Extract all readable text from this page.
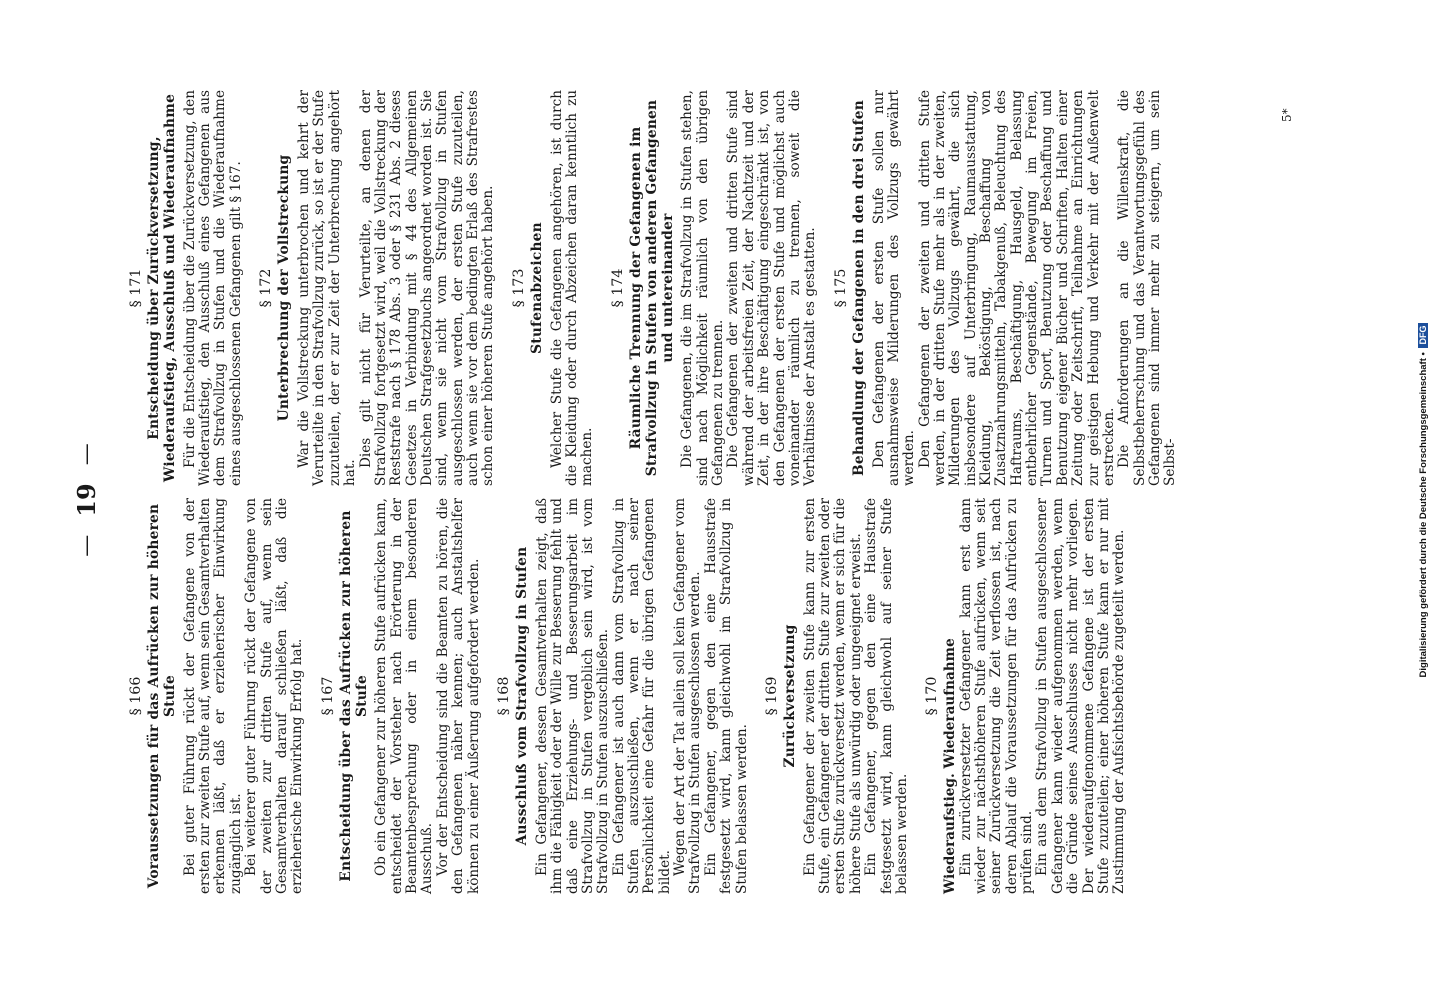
—
19
—

§ 166 Voraussetzungen für das Aufrücken zur höheren Stufe Bei guter Führung rückt der Gefangene von der ersten zur zweiten Stufe auf, wenn sein Gesamtverhalten erkennen läßt, daß er erzieherischer Einwirkung zugänglich ist. Bei weiterer guter Führung rückt der Gefangene von der zweiten zur dritten Stufe auf, wenn sein Gesamtverhalten darauf schließen läßt, daß die erzieherische Einwirkung Erfolg hat. § 167 Entscheidung über das Aufrücken zur höheren Stufe Ob ein Gefangener zur höheren Stufe aufrücken kann, entscheidet der Vorsteher nach Erörterung in der Beamtenbesprechung oder in einem besonderen Ausschuß. Vor der Entscheidung sind die Beamten zu hören, die den Gefangenen näher kennen; auch Anstaltshelfer können zu einer Äußerung aufgefordert werden. § 168 Ausschluß vom Strafvollzug in Stufen Ein Gefangener, dessen Gesamtverhalten zeigt, daß ihm die Fähigkeit oder der Wille zur Besserung fehlt und daß eine Erziehungs- und Besserungsarbeit im Strafvollzug in Stufen vergeblich sein wird, ist vom Strafvollzug in Stufen auszuschließen. Ein Gefangener ist auch dann vom Strafvollzug in Stufen auszuschließen, wenn er nach seiner Persönlichkeit eine Gefahr für die übrigen Gefangenen bildet. Wegen der Art der Tat allein soll kein Gefangener vom Strafvollzug in Stufen ausgeschlossen werden. Ein Gefangener, gegen den eine Hausstrafe festgesetzt wird, kann gleichwohl im Strafvollzug in Stufen belassen werden.

§ 169 Zurückversetzung Ein Gefangener der zweiten Stufe kann zur ersten Stufe, ein Gefangener der dritten Stufe zur zweiten oder ersten Stufe zurückversetzt werden, wenn er sich für die höhere Stufe als unwürdig oder ungeeignet erweist. Ein Gefangener, gegen den eine Hausstrafe festgesetzt wird, kann gleichwohl auf seiner Stufe belassen werden.

§ 170 Wiederaufstieg. Wiederaufnahme Ein zurückversetzter Gefangener kann erst dann wieder zur nächsthöheren Stufe aufrücken, wenn seit seiner Zurückversetzung die Zeit verflossen ist, nach deren Ablauf die Voraussetzungen für das Aufrücken zu prüfen sind. Ein aus dem Strafvollzug in Stufen ausgeschlossener Gefangener kann wieder aufgenommen werden, wenn die Gründe seines Ausschlusses nicht mehr vorliegen. Der wiederaufgenommene Gefangene ist der ersten Stufe zuzuteilen; einer höheren Stufe kann er nur mit Zustimmung der Aufsichtsbehörde zugeteilt werden.

§ 171 Entscheidung über Zurückversetzung, Wiederaufstieg, Ausschluß und Wiederaufnahme Für die Entscheidung über die Zurückversetzung, den Wiederaufstieg, den Ausschluß eines Gefangenen aus dem Strafvollzug in Stufen und die Wiederaufnahme eines ausgeschlossenen Gefangenen gilt § 167. § 172 Unterbrechung der Vollstreckung War die Vollstreckung unterbrochen und kehrt der Verurteilte in den Strafvollzug zurück, so ist er der Stufe zuzuteilen, der er zur Zeit der Unterbrechung angehört hat.

Dies gilt nicht für Verurteilte, an denen der Strafvollzug fortgesetzt wird, weil die Vollstreckung der Reststrafe nach § 178 Abs. 3 oder § 231 Abs. 2 dieses Gesetzes in Verbindung mit § 44 des Allgemeinen Deutschen Strafgesetzbuchs angeordnet worden ist. Sie sind, wenn sie nicht vom Strafvollzug in Stufen ausgeschlossen werden, der ersten Stufe zuzuteilen, auch wenn sie vor dem bedingten Erlaß des Strafrestes schon einer höheren Stufe angehört haben. § 173 Stufenabzeichen Welcher Stufe die Gefangenen angehören, ist durch die Kleidung oder durch Abzeichen daran kenntlich zu machen.

§ 174 Räumliche Trennung der Gefangenen im Strafvollzug in Stufen von anderen Gefangenen und untereinander Die Gefangenen, die im Strafvollzug in Stufen stehen, sind nach Möglichkeit räumlich von den übrigen Gefangenen zu trennen. Die Gefangenen der zweiten und dritten Stufe sind während der arbeitsfreien Zeit, der Nachtzeit und der Zeit, in der ihre Beschäftigung eingeschränkt ist, von den Gefangenen der ersten Stufe und möglichst auch voneinander räumlich zu trennen, soweit die Verhältnisse der Anstalt es gestatten. § 175 Behandlung der Gefangenen in den drei Stufen Den Gefangenen der ersten Stufe sollen nur ausnahmsweise Milderungen des Vollzugs gewährt werden. Den Gefangenen der zweiten und dritten Stufe werden, in der dritten Stufe mehr als in der zweiten, Milderungen des Vollzugs gewährt, die sich insbesondere auf Unterbringung, Raumausstattung, Kleidung, Beköstigung, Beschaffung von Zusatznahrungsmitteln, Tabakgenuß, Beleuchtung des Haftraums, Beschäftigung, Hausgeld, Belassung entbehrlicher Gegenstände, Bewegung im Freien, Turnen und Sport, Benutzung oder Beschaffung und Benutzung eigener Bücher und Schriften, Halten einer Zeitung oder Zeitschrift, Teilnahme an Einrichtungen zur geistigen Hebung und Verkehr mit der Außenwelt erstrecken. Die Anforderungen an die Willenskraft, die Selbstbeherrschung und das Verantwortungsgefühl des Gefangenen sind immer mehr zu steigern, um sein Selbst-

5*
Digitalisierung gefördert durch die Deutsche Forschungsgemeinschaft • DFG
